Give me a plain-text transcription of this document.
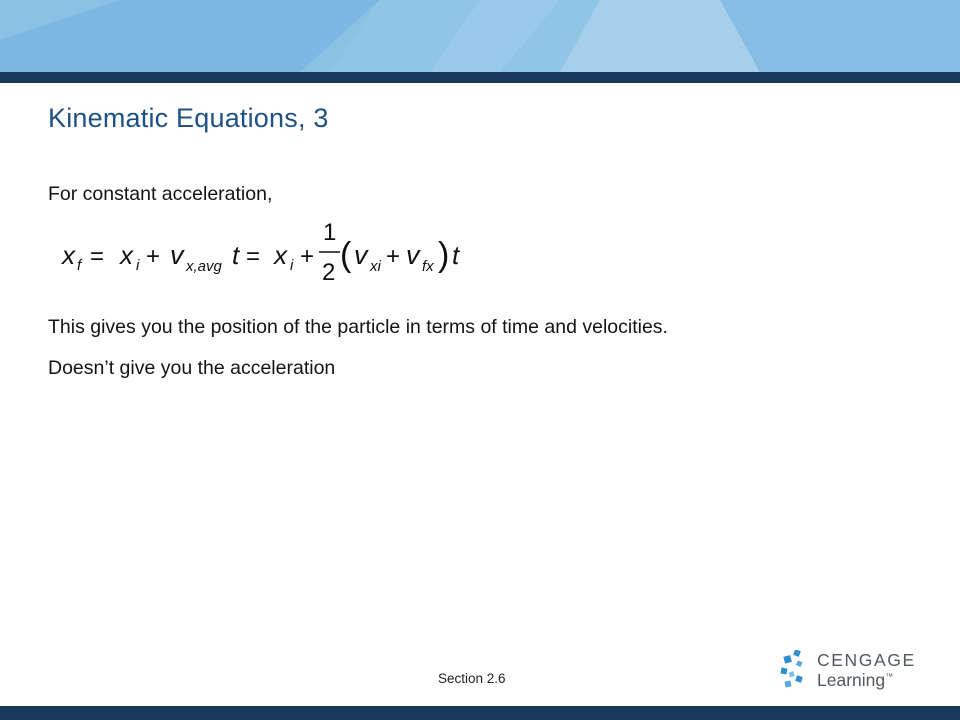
Kinematic Equations, 3
For constant acceleration,
x f = x i + v x,avg t = x i +
1
2 ( v xi + v fx ) t
This gives you the position of the particle in terms of time and velocities.
Doesn’t give you the acceleration
Section 2.6
CENGAGE
Learning™
